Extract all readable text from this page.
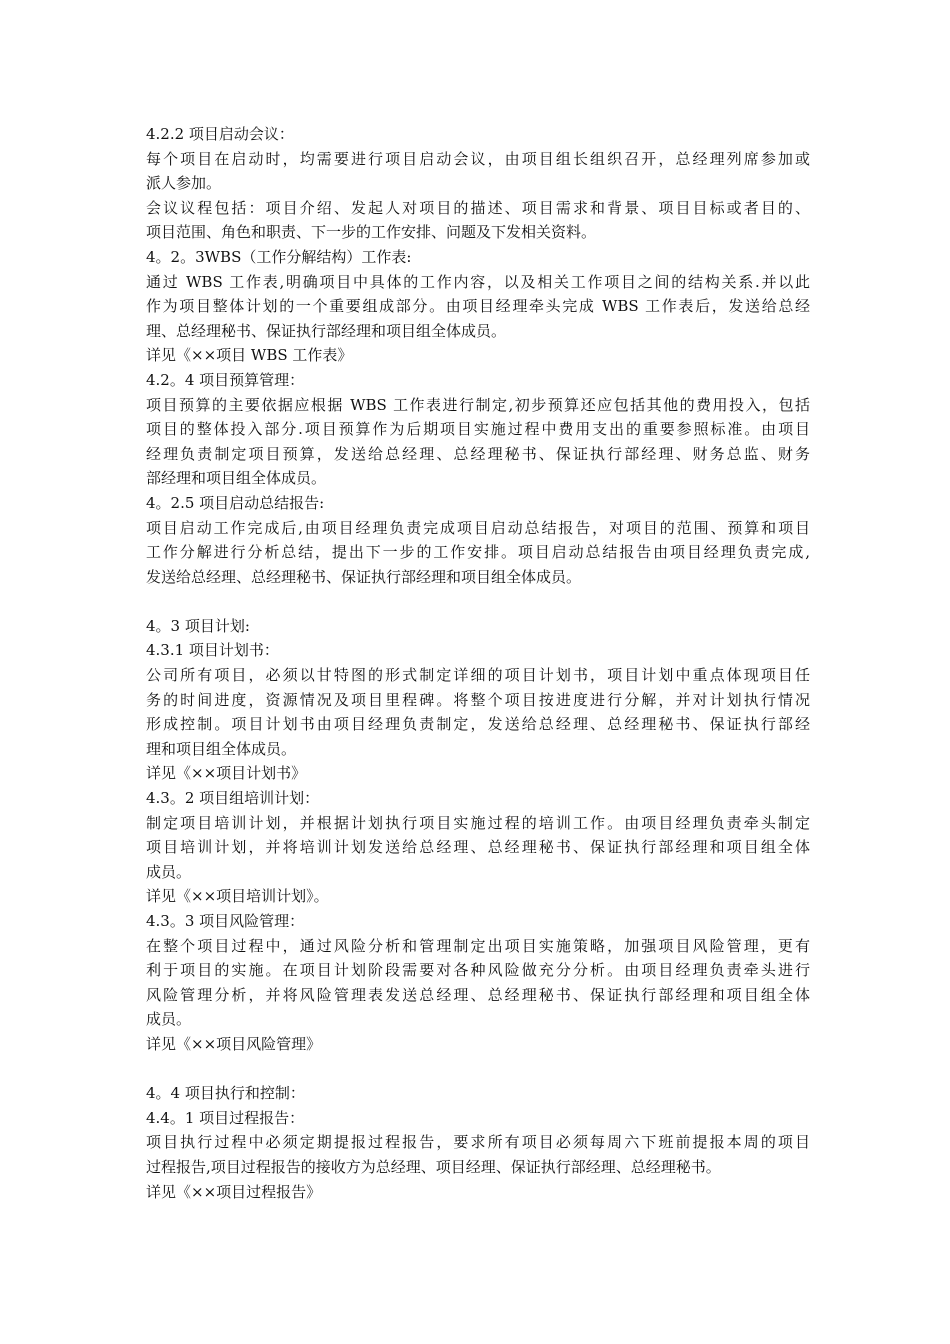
4.2.2 项目启动会议：
每个项目在启动时，均需要进行项目启动会议，由项目组长组织召开，总经理列席参加或
派人参加。
会议议程包括：项目介绍、发起人对项目的描述、项目需求和背景、项目目标或者目的、
项目范围、角色和职责、下一步的工作安排、问题及下发相关资料。
4。2。3WBS（工作分解结构）工作表:
通过 WBS 工作表,明确项目中具体的工作内容，以及相关工作项目之间的结构关系.并以此
作为项目整体计划的一个重要组成部分。由项目经理牵头完成 WBS 工作表后，发送给总经
理、总经理秘书、保证执行部经理和项目组全体成员。
详见《××项目 WBS 工作表》
4.2。4 项目预算管理：
项目预算的主要依据应根据 WBS 工作表进行制定,初步预算还应包括其他的费用投入，包括
项目的整体投入部分.项目预算作为后期项目实施过程中费用支出的重要参照标准。由项目
经理负责制定项目预算，发送给总经理、总经理秘书、保证执行部经理、财务总监、财务
部经理和项目组全体成员。
4。2.5 项目启动总结报告:
项目启动工作完成后,由项目经理负责完成项目启动总结报告，对项目的范围、预算和项目
工作分解进行分析总结，提出下一步的工作安排。项目启动总结报告由项目经理负责完成,
发送给总经理、总经理秘书、保证执行部经理和项目组全体成员。
4。3 项目计划:
4.3.1 项目计划书：
公司所有项目，必须以甘特图的形式制定详细的项目计划书，项目计划中重点体现项目任
务的时间进度，资源情况及项目里程碑。将整个项目按进度进行分解，并对计划执行情况
形成控制。项目计划书由项目经理负责制定，发送给总经理、总经理秘书、保证执行部经
理和项目组全体成员。
详见《××项目计划书》
4.3。2 项目组培训计划：
制定项目培训计划，并根据计划执行项目实施过程的培训工作。由项目经理负责牵头制定
项目培训计划，并将培训计划发送给总经理、总经理秘书、保证执行部经理和项目组全体
成员。
详见《××项目培训计划》。
4.3。3 项目风险管理：
在整个项目过程中，通过风险分析和管理制定出项目实施策略，加强项目风险管理，更有
利于项目的实施。在项目计划阶段需要对各种风险做充分分析。由项目经理负责牵头进行
风险管理分析，并将风险管理表发送总经理、总经理秘书、保证执行部经理和项目组全体
成员。
详见《××项目风险管理》
4。4 项目执行和控制：
4.4。1 项目过程报告：
项目执行过程中必须定期提报过程报告，要求所有项目必须每周六下班前提报本周的项目
过程报告,项目过程报告的接收方为总经理、项目经理、保证执行部经理、总经理秘书。
详见《××项目过程报告》
